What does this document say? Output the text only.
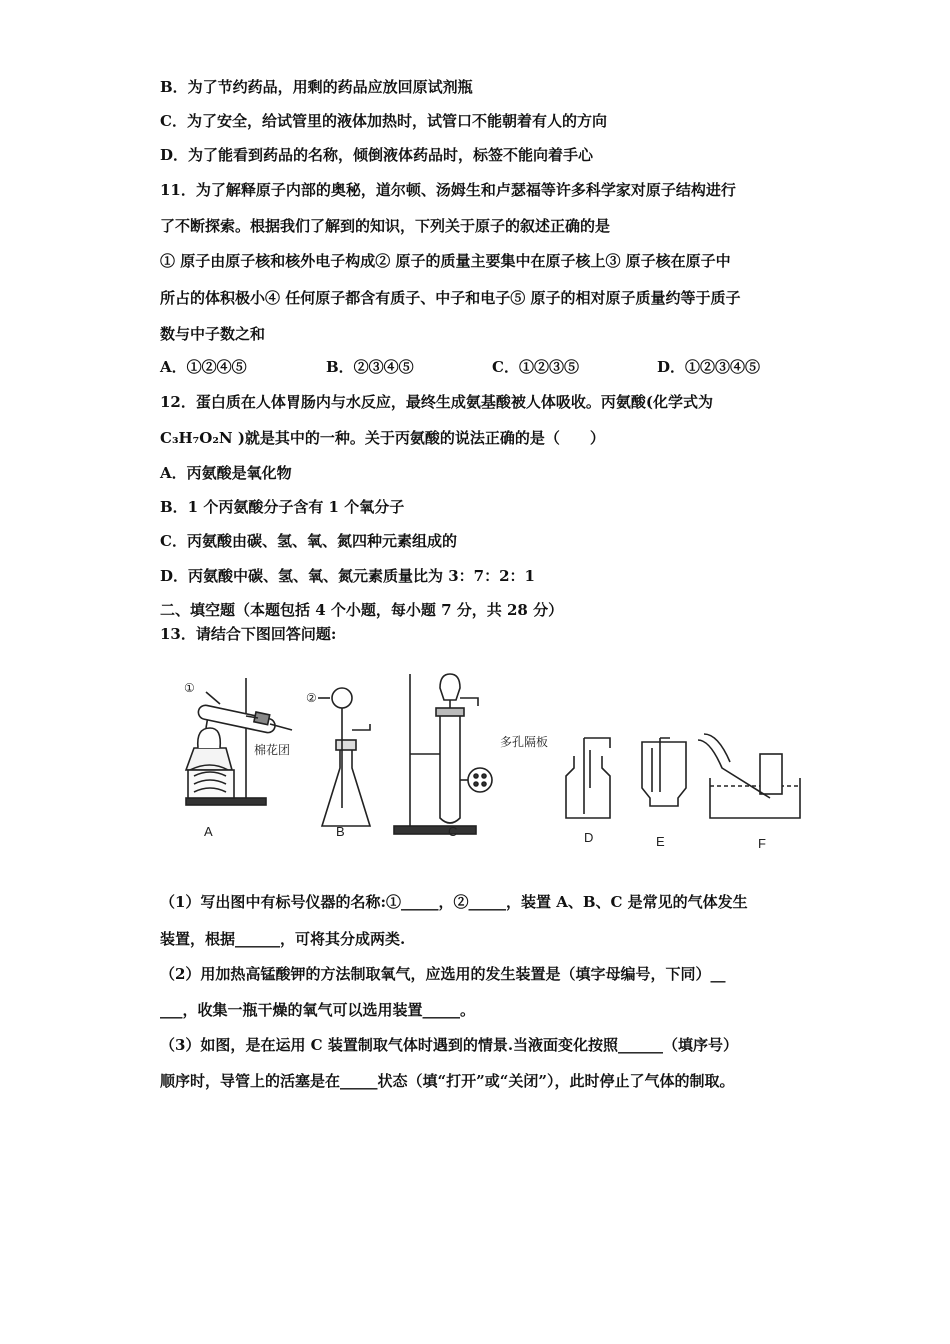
B．为了节约药品，用剩的药品应放回原试剂瓶
C．为了安全，给试管里的液体加热时，试管口不能朝着有人的方向
D．为了能看到药品的名称，倾倒液体药品时，标签不能向着手心
11．为了解释原子内部的奥秘，道尔顿、汤姆生和卢瑟福等许多科学家对原子结构进行
了不断探索。根据我们了解到的知识，下列关于原子的叙述正确的是
① 原子由原子核和核外电子构成② 原子的质量主要集中在原子核上③ 原子核在原子中
所占的体积极小④ 任何原子都含有质子、中子和电子⑤ 原子的相对原子质量约等于质子
数与中子数之和
A．①②④⑤	B．②③④⑤	C．①②③⑤	D．①②③④⑤
12．蛋白质在人体胃肠内与水反应，最终生成氨基酸被人体吸收。丙氨酸(化学式为
C₃H₇O₂N )就是其中的一种。关于丙氨酸的说法正确的是（　　）
A．丙氨酸是氧化物
B．1 个丙氨酸分子含有 1 个氧分子
C．丙氨酸由碳、氢、氧、氮四种元素组成的
D．丙氨酸中碳、氢、氧、氮元素质量比为 3：7：2：1
二、填空题（本题包括 4 个小题，每小题 7 分，共 28 分）
13．请结合下图回答问题:
①
②
棉花团
多孔隔板
A	B	C	D	E	F
（1）写出图中有标号仪器的名称:①_____，②_____，装置 A、B、C 是常见的气体发生
装置，根据______，可将其分成两类.
（2）用加热高锰酸钾的方法制取氧气，应选用的发生装置是（填字母编号，下同）__
___，收集一瓶干燥的氧气可以选用装置_____。
（3）如图，是在运用 C 装置制取气体时遇到的情景.当液面变化按照______（填序号）
顺序时，导管上的活塞是在_____状态（填“打开”或“关闭”），此时停止了气体的制取。
